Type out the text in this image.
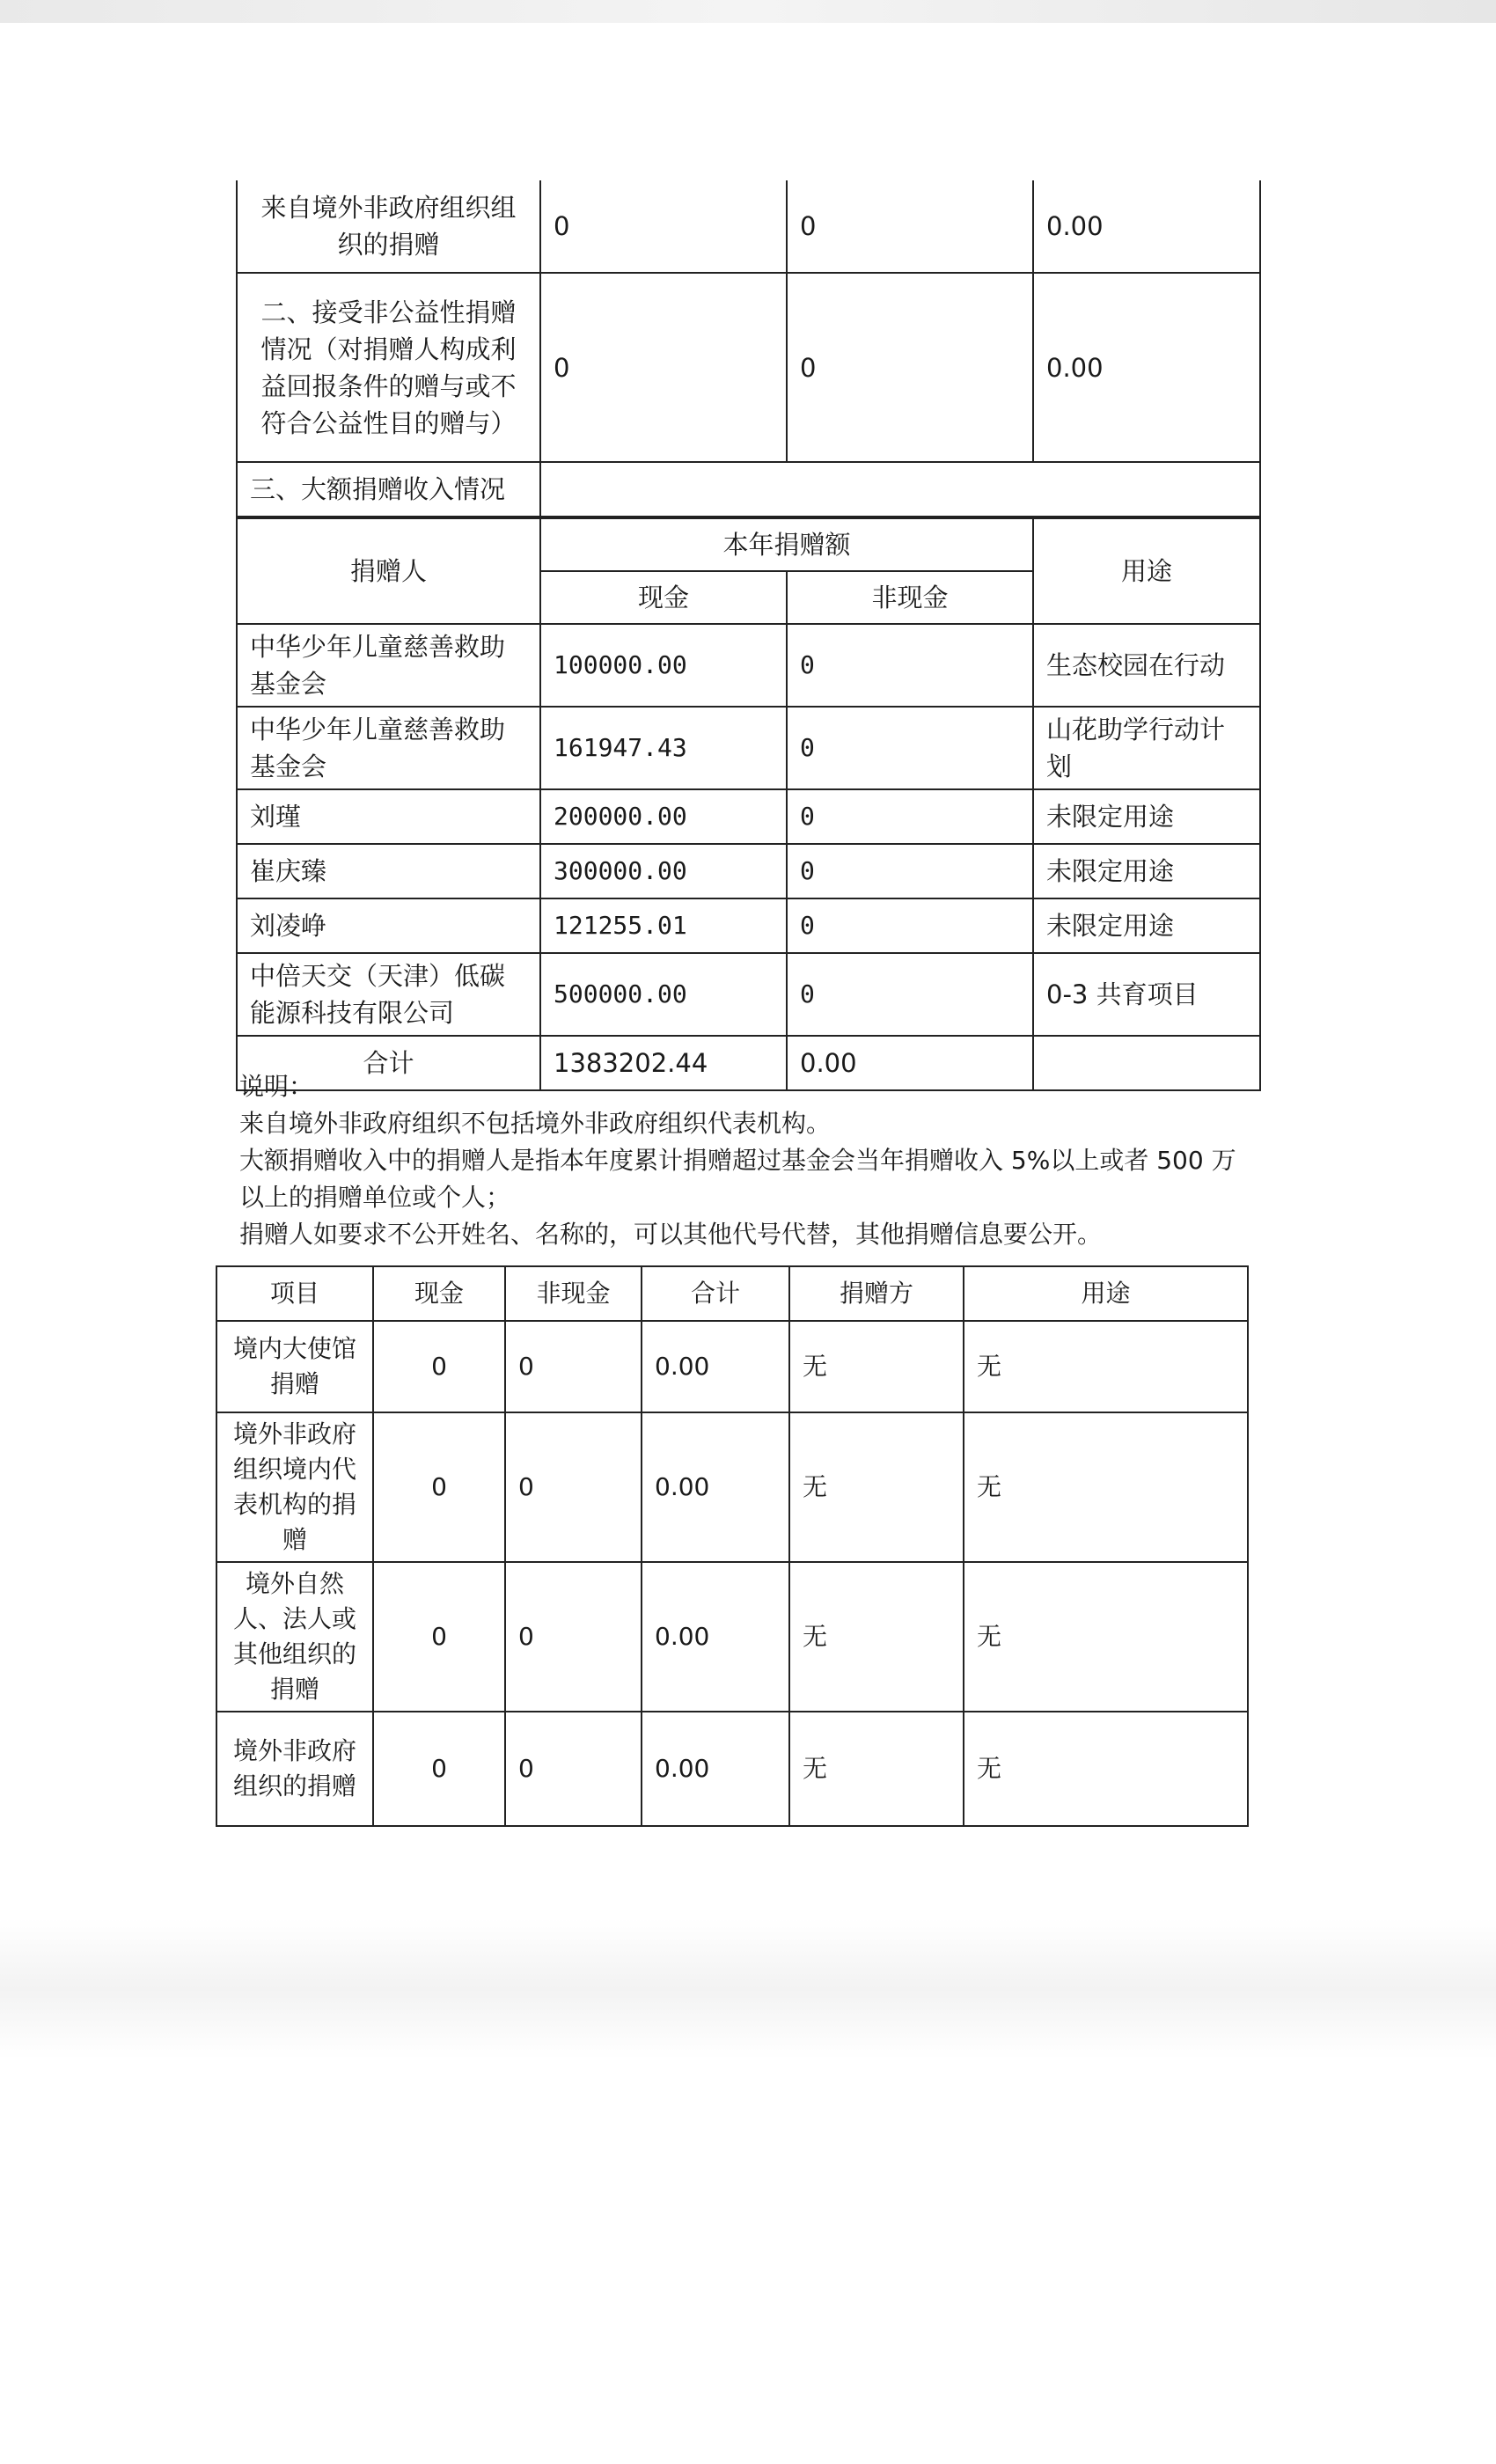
来自境外非政府组织组织的捐赠	0	0	0.00
二、接受非公益性捐赠情况（对捐赠人构成利益回报条件的赠与或不符合公益性目的赠与）	0	0	0.00
三、大额捐赠收入情况			
捐赠人	本年捐赠额		用途
	现金	非现金	
中华少年儿童慈善救助基金会	100000.00	0	生态校园在行动
中华少年儿童慈善救助基金会	161947.43	0	山花助学行动计划
刘瑾	200000.00	0	未限定用途
崔庆臻	300000.00	0	未限定用途
刘凌峥	121255.01	0	未限定用途
中倍天交（天津）低碳能源科技有限公司	500000.00	0	0-3 共育项目
合计	1383202.44	0.00	

说明：

来自境外非政府组织不包括境外非政府组织代表机构。

大额捐赠收入中的捐赠人是指本年度累计捐赠超过基金会当年捐赠收入 5%以上或者 500 万以上的捐赠单位或个人；

捐赠人如要求不公开姓名、名称的，可以其他代号代替，其他捐赠信息要公开。

项目	现金	非现金	合计	捐赠方	用途
境内大使馆捐赠	0	0	0.00	无	无
境外非政府组织境内代表机构的捐赠	0	0	0.00	无	无
境外自然人、法人或其他组织的捐赠	0	0	0.00	无	无
境外非政府组织的捐赠	0	0	0.00	无	无
